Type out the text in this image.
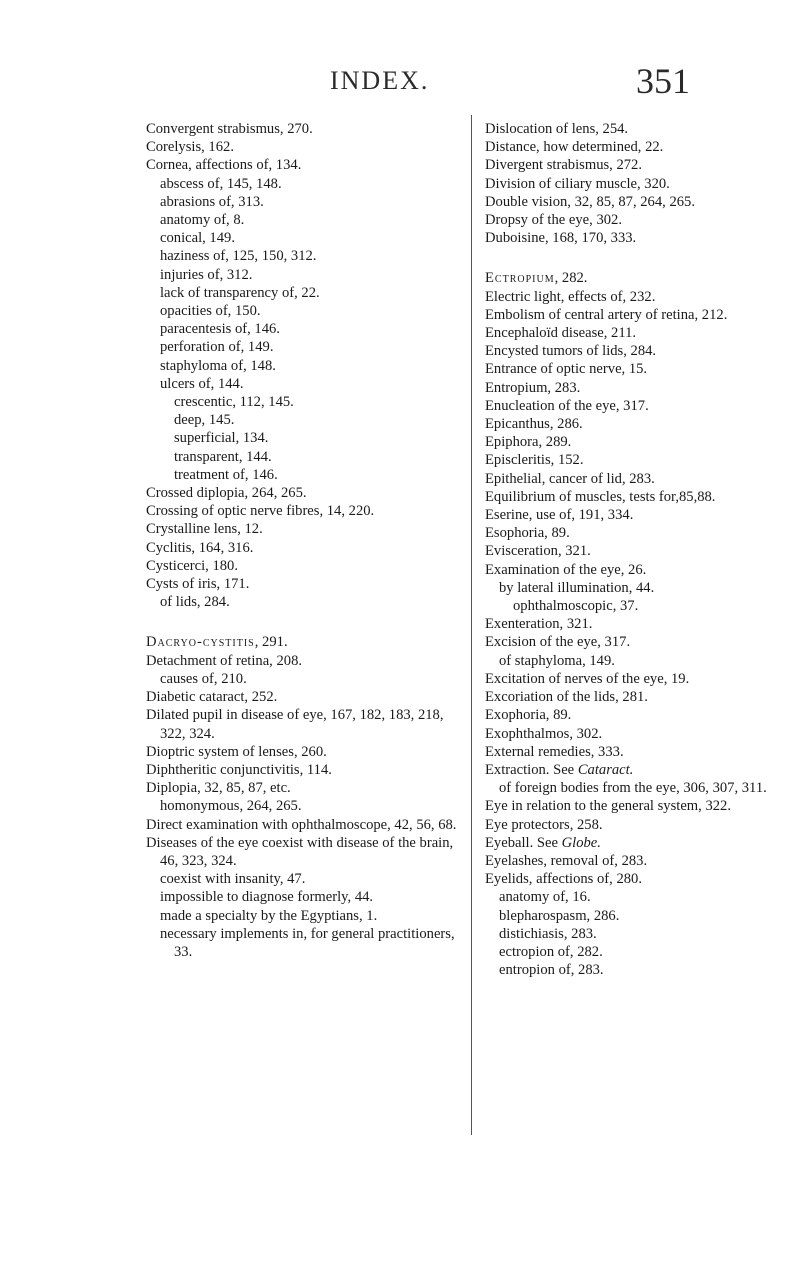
INDEX.	351
Convergent strabismus, 270.
Corelysis, 162.
Cornea, affections of, 134.
abscess of, 145, 148.
abrasions of, 313.
anatomy of, 8.
conical, 149.
haziness of, 125, 150, 312.
injuries of, 312.
lack of transparency of, 22.
opacities of, 150.
paracentesis of, 146.
perforation of, 149.
staphyloma of, 148.
ulcers of, 144.
crescentic, 112, 145.
deep, 145.
superficial, 134.
transparent, 144.
treatment of, 146.
Crossed diplopia, 264, 265.
Crossing of optic nerve fibres, 14, 220.
Crystalline lens, 12.
Cyclitis, 164, 316.
Cysticerci, 180.
Cysts of iris, 171.
of lids, 284.
Dacryo-cystitis, 291.
Detachment of retina, 208.
causes of, 210.
Diabetic cataract, 252.
Dilated pupil in disease of eye, 167, 182, 183, 218, 322, 324.
Dioptric system of lenses, 260.
Diphtheritic conjunctivitis, 114.
Diplopia, 32, 85, 87, etc.
homonymous, 264, 265.
Direct examination with ophthalmoscope, 42, 56, 68.
Diseases of the eye coexist with disease of the brain, 46, 323, 324.
coexist with insanity, 47.
impossible to diagnose formerly, 44.
made a specialty by the Egyptians, 1.
necessary implements in, for general practitioners, 33.
Dislocation of lens, 254.
Distance, how determined, 22.
Divergent strabismus, 272.
Division of ciliary muscle, 320.
Double vision, 32, 85, 87, 264, 265.
Dropsy of the eye, 302.
Duboisine, 168, 170, 333.
Ectropium, 282.
Electric light, effects of, 232.
Embolism of central artery of retina, 212.
Encephaloïd disease, 211.
Encysted tumors of lids, 284.
Entrance of optic nerve, 15.
Entropium, 283.
Enucleation of the eye, 317.
Epicanthus, 286.
Epiphora, 289.
Episcleritis, 152.
Epithelial, cancer of lid, 283.
Equilibrium of muscles, tests for,85,88.
Eserine, use of, 191, 334.
Esophoria, 89.
Evisceration, 321.
Examination of the eye, 26.
by lateral illumination, 44.
ophthalmoscopic, 37.
Exenteration, 321.
Excision of the eye, 317.
of staphyloma, 149.
Excitation of nerves of the eye, 19.
Excoriation of the lids, 281.
Exophoria, 89.
Exophthalmos, 302.
External remedies, 333.
Extraction. See Cataract.
of foreign bodies from the eye, 306, 307, 311.
Eye in relation to the general system, 322.
Eye protectors, 258.
Eyeball. See Globe.
Eyelashes, removal of, 283.
Eyelids, affections of, 280.
anatomy of, 16.
blepharospasm, 286.
distichiasis, 283.
ectropion of, 282.
entropion of, 283.
